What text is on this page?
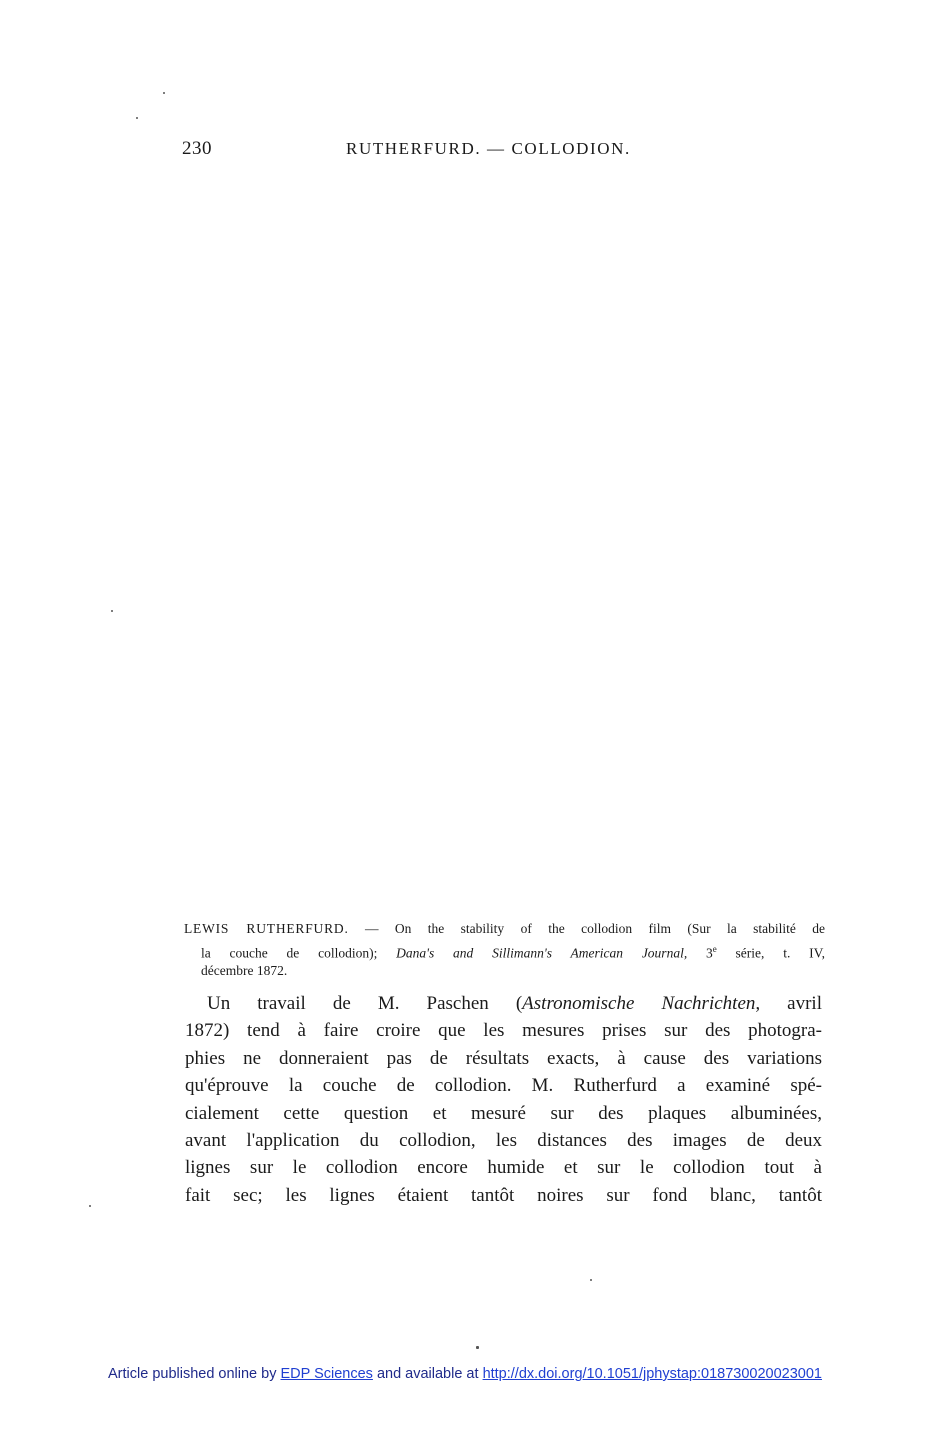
230	RUTHERFURD. — COLLODION.
LEWIS RUTHERFURD. — On the stability of the collodion film (Sur la stabilité de
la couche de collodion); Dana's and Sillimann's American Journal, 3e série, t. IV,
décembre 1872.
Un travail de M. Paschen (Astronomische Nachrichten, avril
1872) tend à faire croire que les mesures prises sur des photogra-
phies ne donneraient pas de résultats exacts, à cause des variations
qu'éprouve la couche de collodion. M. Rutherfurd a examiné spé-
cialement cette question et mesuré sur des plaques albuminées,
avant l'application du collodion, les distances des images de deux
lignes sur le collodion encore humide et sur le collodion tout à
fait sec; les lignes étaient tantôt noires sur fond blanc, tantôt
Article published online by EDP Sciences and available at http://dx.doi.org/10.1051/jphystap:018730020023001
